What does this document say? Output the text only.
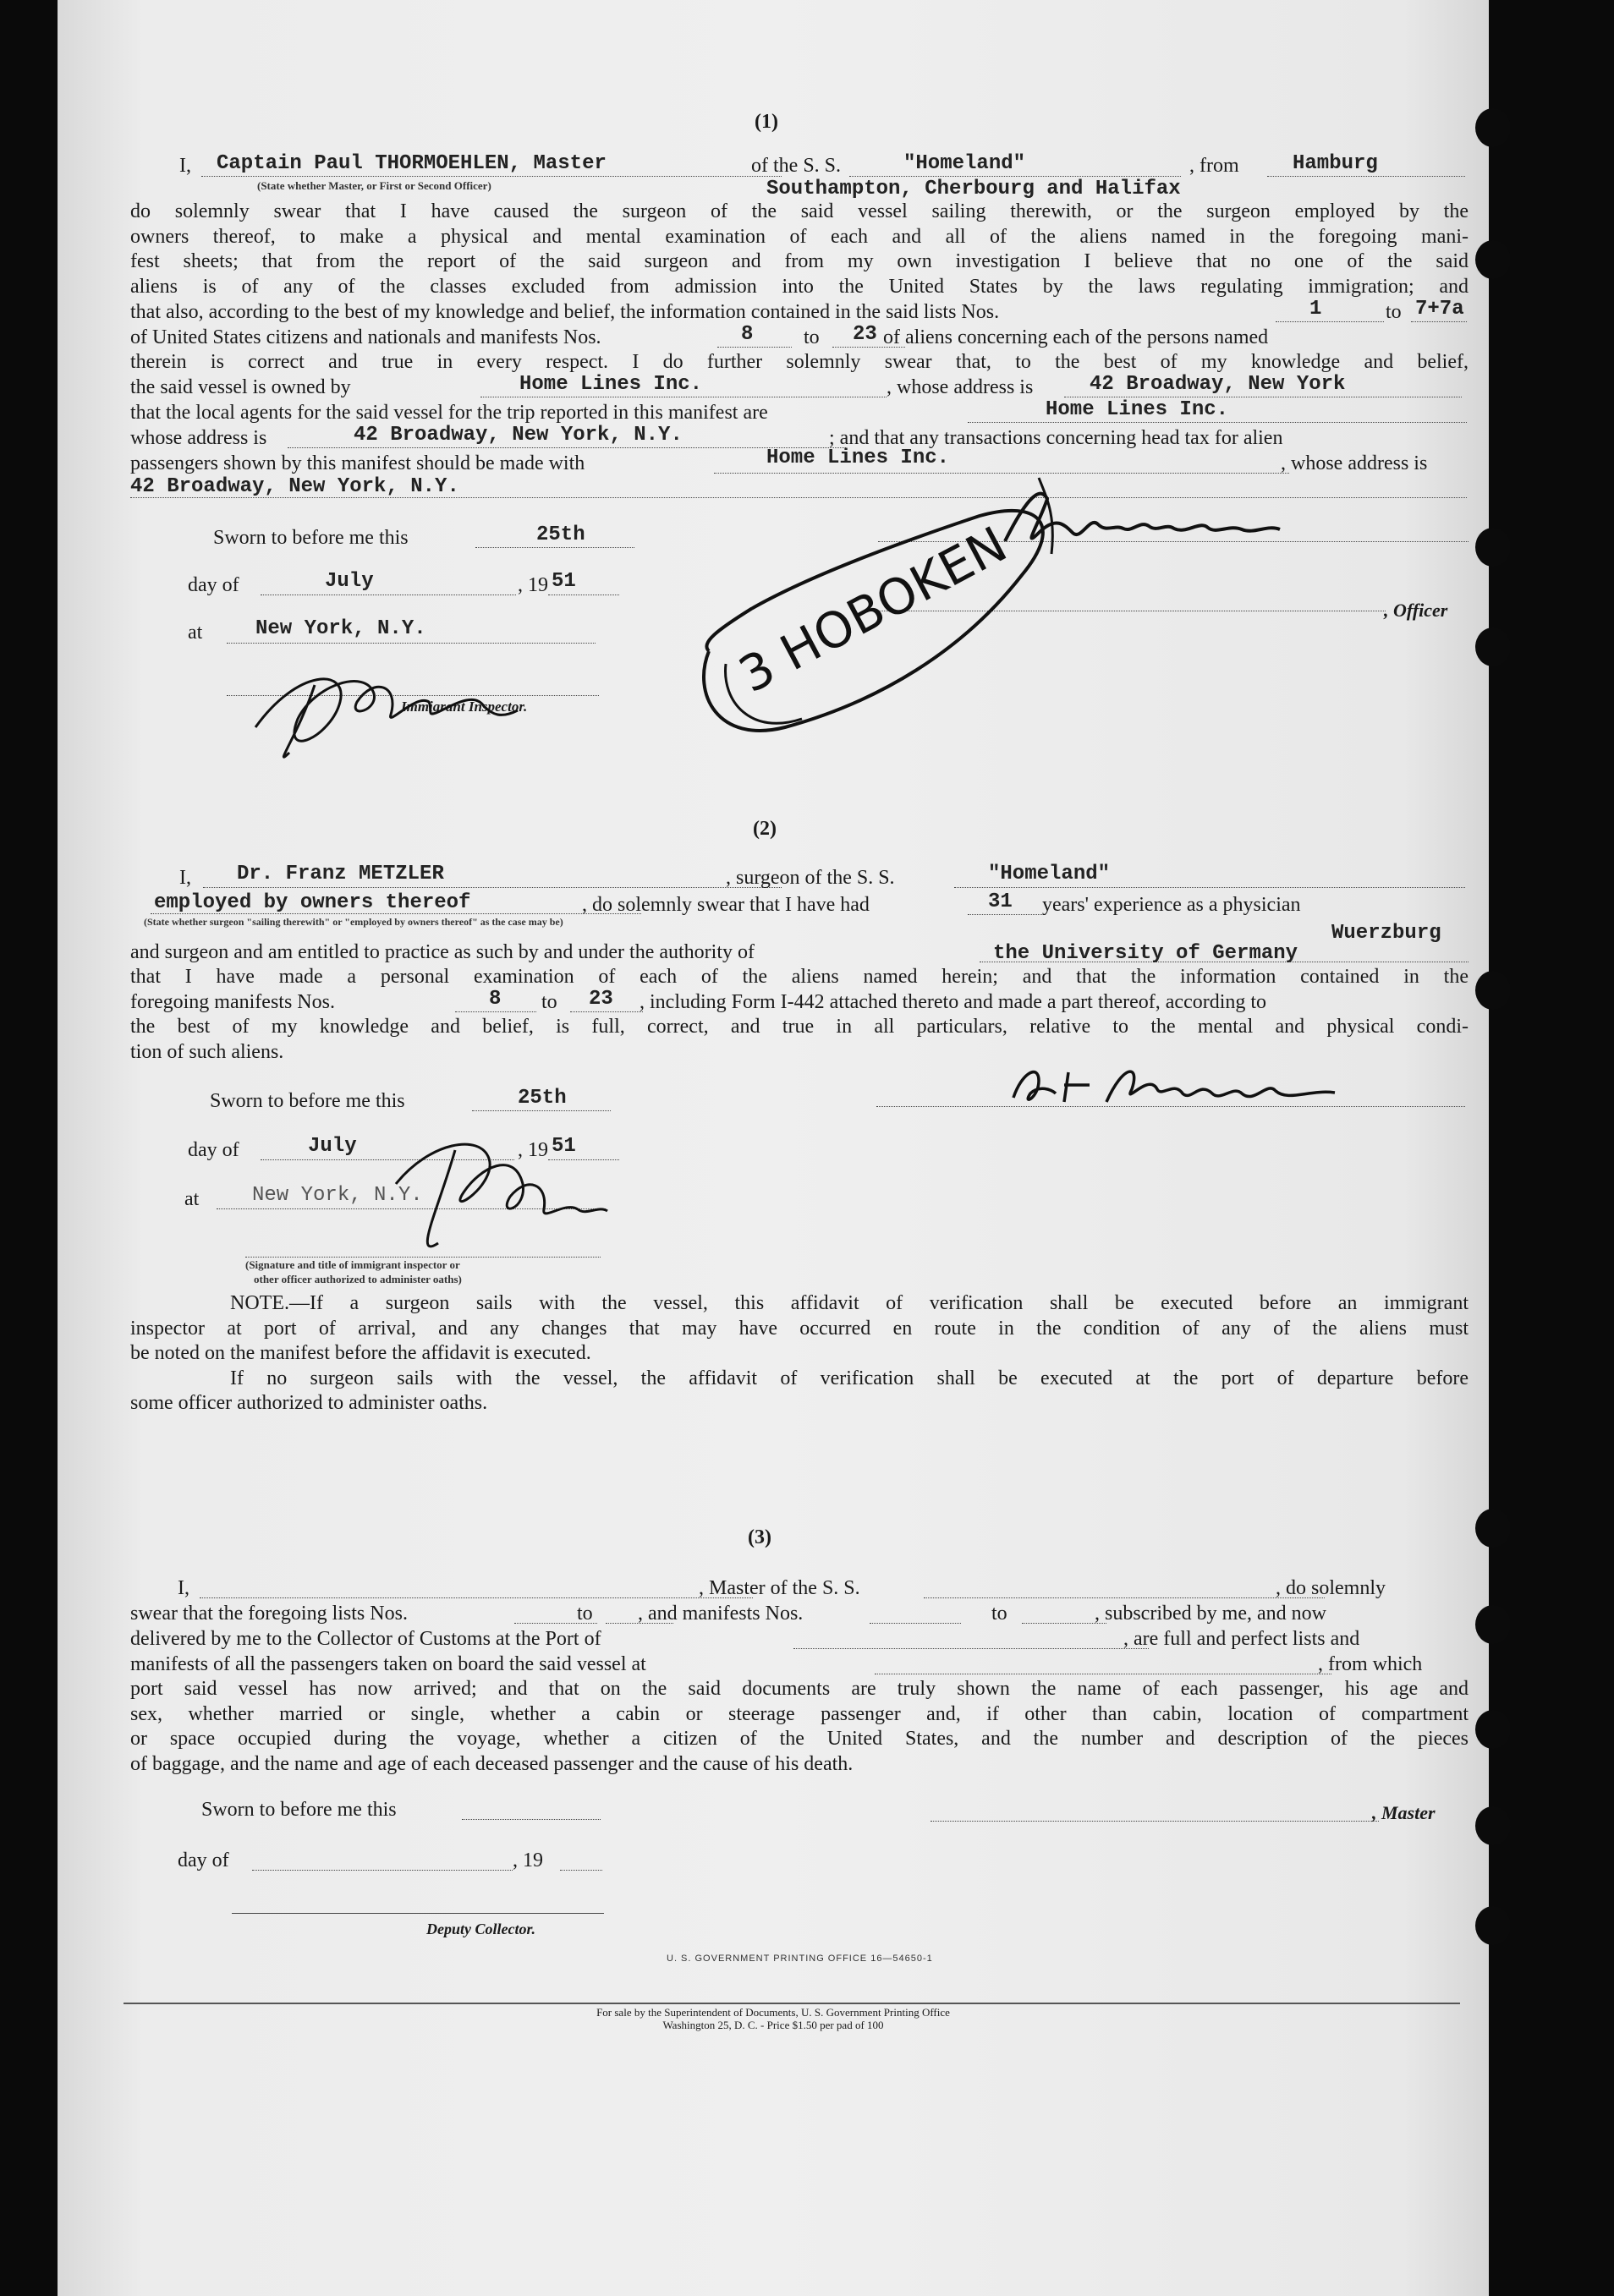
(1)
I, Captain Paul THORMOEHLEN, Master
(State whether Master, or First or Second Officer)
of the S. S.	"Homeland"	, from	Hamburg
Southampton, Cherbourg and Halifax
do solemnly swear that I have caused the surgeon of the said vessel sailing therewith, or the surgeon employed by the
owners thereof, to make a physical and mental examination of each and all of the aliens named in the foregoing mani-
fest sheets; that from the report of the said surgeon and from my own investigation I believe that no one of the said
aliens is of any of the classes excluded from admission into the United States by the laws regulating immigration; and
that also, according to the best of my knowledge and belief, the information contained in the said lists Nos.	1	to 7+7a
of United States citizens and nationals and manifests Nos.	8 to 23 of aliens concerning each of the persons named
therein is correct and true in every respect. I do further solemnly swear that, to the best of my knowledge and belief,
the said vessel is owned by	Home Lines Inc.	, whose address is	42 Broadway, New York
that the local agents for the said vessel for the trip reported in this manifest are	Home Lines Inc.
whose address is	42 Broadway, New York, N.Y.	; and that any transactions concerning head tax for alien
passengers shown by this manifest should be made with	Home Lines Inc.	, whose address is
42 Broadway, New York, N.Y.
Sworn to before me this	25th
day of	July	, 19 51
at	New York, N.Y.
Immigrant Inspector.
, Officer
3 HOBOKEN
(2)
I, Dr. Franz METZLER	, surgeon of the S. S.	"Homeland"
employed by owners thereof	, do solemnly swear that I have had	31 years' experience as a physician
(State whether surgeon "sailing therewith" or "employed by owners thereof" as the case may be)
and surgeon and am entitled to practice as such by and under the authority of
Wuerzburg
the University of Germany
that I have made a personal examination of each of the aliens named herein; and that the information contained in the
foregoing manifests Nos.	8 to 23 , including Form I-442 attached thereto and made a part thereof, according to
the best of my knowledge and belief, is full, correct, and true in all particulars, relative to the mental and physical condi-
tion of such aliens.
Sworn to before me this	25th
day of	July	, 19 51
at	New York, N.Y.
(Signature and title of immigrant inspector or
other officer authorized to administer oaths)
NOTE.—If a surgeon sails with the vessel, this affidavit of verification shall be executed before an immigrant
inspector at port of arrival, and any changes that may have occurred en route in the condition of any of the aliens must
be noted on the manifest before the affidavit is executed.
If no surgeon sails with the vessel, the affidavit of verification shall be executed at the port of departure before
some officer authorized to administer oaths.
(3)
I,	, Master of the S. S.	, do solemnly
swear that the foregoing lists Nos.	to , and manifests Nos.	to	, subscribed by me, and now
delivered by me to the Collector of Customs at the Port of	, are full and perfect lists and
manifests of all the passengers taken on board the said vessel at	, from which
port said vessel has now arrived; and that on the said documents are truly shown the name of each passenger, his age and
sex, whether married or single, whether a cabin or steerage passenger and, if other than cabin, location of compartment
or space occupied during the voyage, whether a citizen of the United States, and the number and description of the pieces
of baggage, and the name and age of each deceased passenger and the cause of his death.
Sworn to before me this	, Master
day of	, 19
Deputy Collector.
U. S. GOVERNMENT PRINTING OFFICE 16—54650-1
For sale by the Superintendent of Documents, U. S. Government Printing Office
Washington 25, D. C. - Price $1.50 per pad of 100
